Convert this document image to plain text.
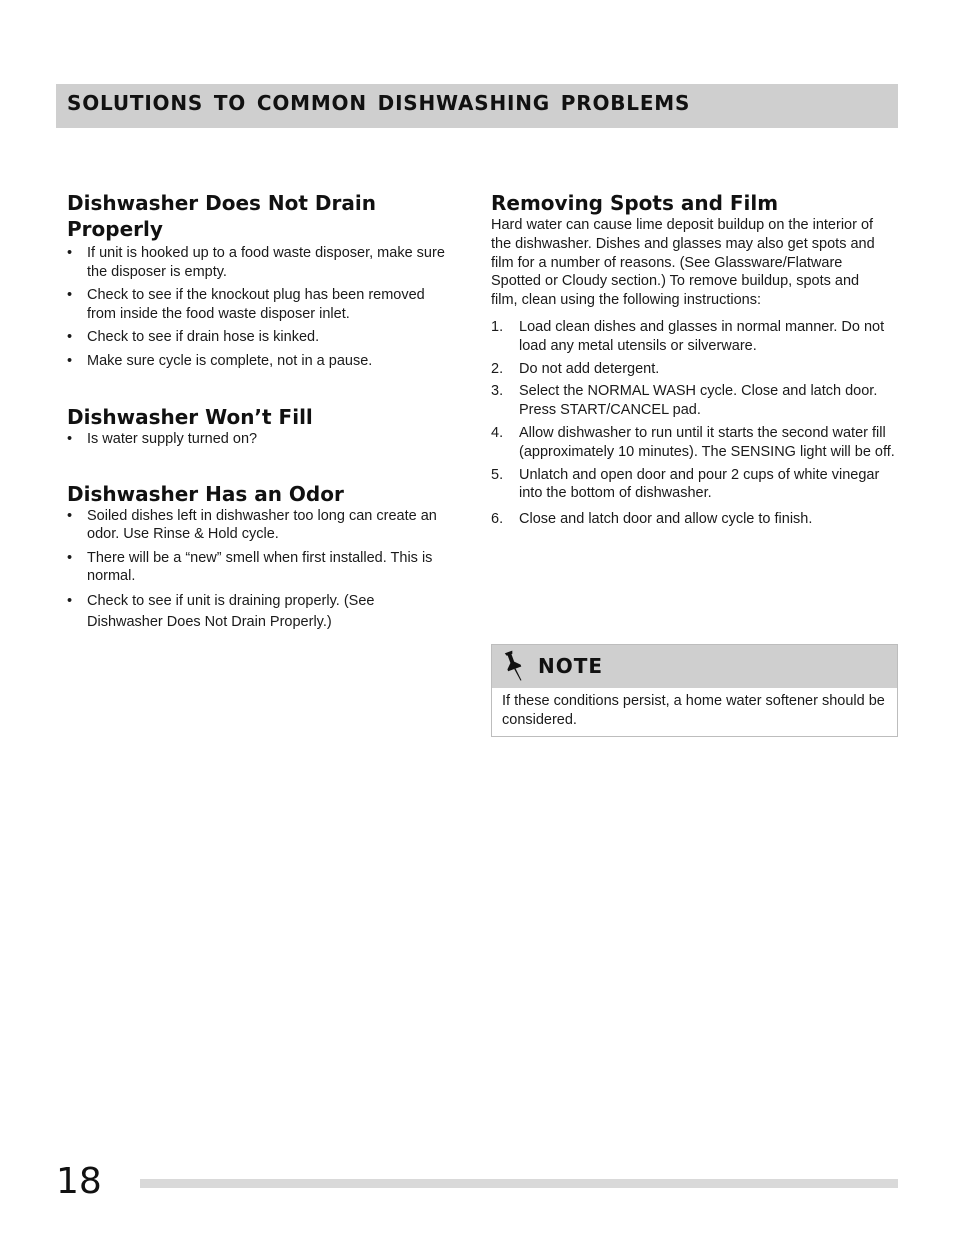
SOLUTIONS TO COMMON DISHWASHING PROBLEMS
Dishwasher Does Not Drain Properly
• If unit is hooked up to a food waste disposer, make sure the disposer is empty.
• Check to see if the knockout plug has been removed from inside the food waste disposer inlet.
• Check to see if drain hose is kinked.
• Make sure cycle is complete, not in a pause.
Dishwasher Won’t Fill
• Is water supply turned on?
Dishwasher Has an Odor
• Soiled dishes left in dishwasher too long can create an odor. Use Rinse & Hold cycle.
• There will be a “new” smell when first installed. This is normal.
• Check to see if unit is draining properly. (See Dishwasher Does Not Drain Properly.)
Removing Spots and Film

Hard water can cause lime deposit buildup on the interior of the dishwasher. Dishes and glasses may also get spots and film for a number of reasons. (See Glassware/Flatware Spotted or Cloudy section.) To remove buildup, spots and film, clean using the following instructions:

1. Load clean dishes and glasses in normal manner. Do not load any metal utensils or silverware.
2. Do not add detergent.
3. Select the NORMAL WASH cycle. Close and latch door. Press START/CANCEL pad.
4. Allow dishwasher to run until it starts the second water fill (approximately 10 minutes). The SENSING light will be off.
5. Unlatch and open door and pour 2 cups of white vinegar into the bottom of dishwasher.
6. Close and latch door and allow cycle to finish.
NOTE
If these conditions persist, a home water softener should be considered.
18
